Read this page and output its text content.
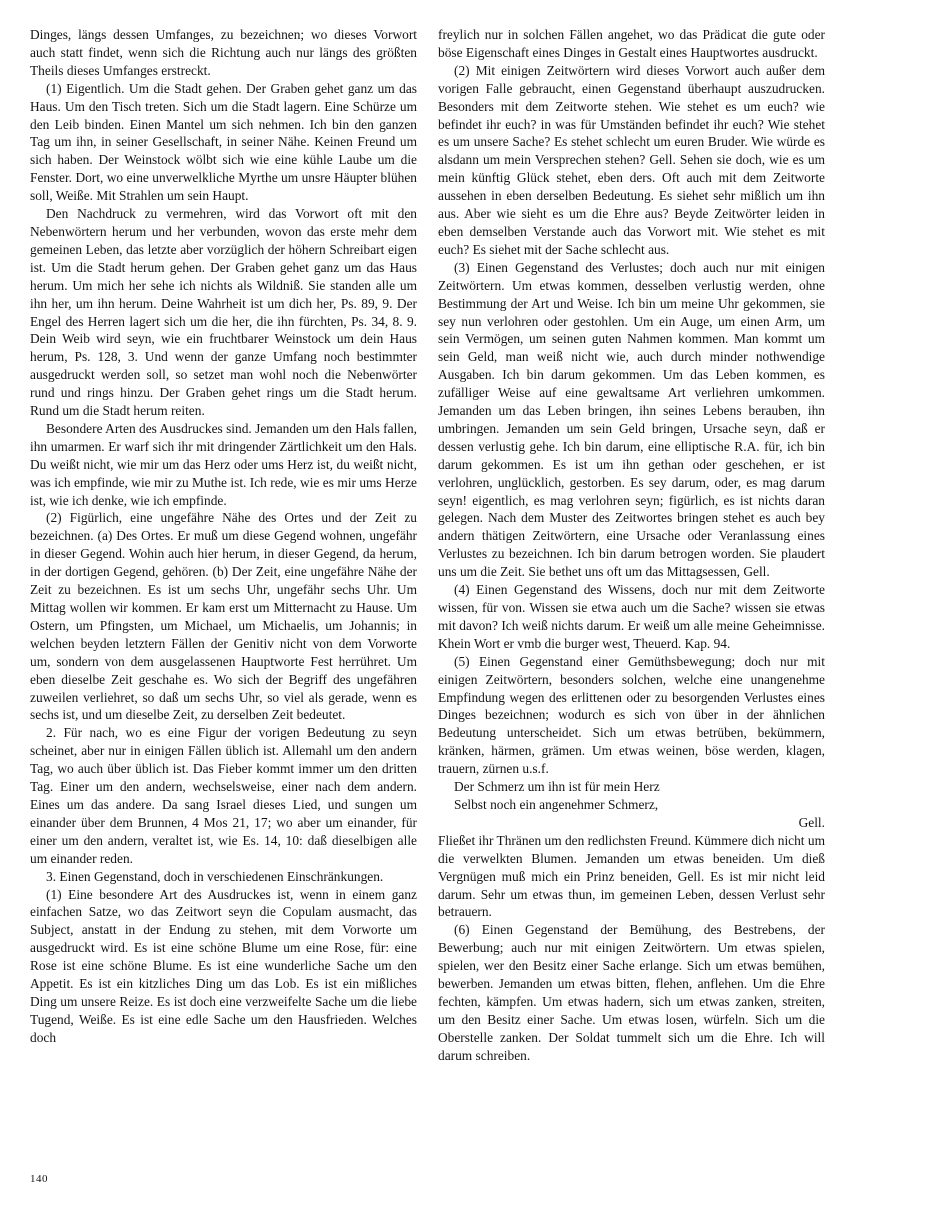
Dinges, längs dessen Umfanges, zu bezeichnen; wo dieses Vorwort auch statt findet, wenn sich die Richtung auch nur längs des größten Theils dieses Umfanges erstreckt.

(1) Eigentlich. Um die Stadt gehen. Der Graben gehet ganz um das Haus. Um den Tisch treten. Sich um die Stadt lagern. Eine Schürze um den Leib binden. Einen Mantel um sich nehmen. Ich bin den ganzen Tag um ihn, in seiner Gesellschaft, in seiner Nähe. Keinen Freund um sich haben. Der Weinstock wölbt sich wie eine kühle Laube um die Fenster. Dort, wo eine unverwelkliche Myrthe um unsre Häupter blühen soll, Weiße. Mit Strahlen um sein Haupt.

Den Nachdruck zu vermehren, wird das Vorwort oft mit den Nebenwörtern herum und her verbunden, wovon das erste mehr dem gemeinen Leben, das letzte aber vorzüglich der höhern Schreibart eigen ist. Um die Stadt herum gehen. Der Graben gehet ganz um das Haus herum. Um mich her sehe ich nichts als Wildniß. Sie standen alle um ihn her, um ihn herum. Deine Wahrheit ist um dich her, Ps. 89, 9. Der Engel des Herren lagert sich um die her, die ihn fürchten, Ps. 34, 8. 9. Dein Weib wird seyn, wie ein fruchtbarer Weinstock um dein Haus herum, Ps. 128, 3. Und wenn der ganze Umfang noch bestimmter ausgedruckt werden soll, so setzet man wohl noch die Nebenwörter rund und rings hinzu. Der Graben gehet rings um die Stadt herum. Rund um die Stadt herum reiten.

Besondere Arten des Ausdruckes sind. Jemanden um den Hals fallen, ihn umarmen. Er warf sich ihr mit dringender Zärtlichkeit um den Hals. Du weißt nicht, wie mir um das Herz oder ums Herz ist, du weißt nicht, was ich empfinde, wie mir zu Muthe ist. Ich rede, wie es mir ums Herze ist, wie ich denke, wie ich empfinde.

(2) Figürlich, eine ungefähre Nähe des Ortes und der Zeit zu bezeichnen. (a) Des Ortes. Er muß um diese Gegend wohnen, ungefähr in dieser Gegend. Wohin auch hier herum, in dieser Gegend, da herum, in der dortigen Gegend, gehören. (b) Der Zeit, eine ungefähre Nähe der Zeit zu bezeichnen. Es ist um sechs Uhr, ungefähr sechs Uhr. Um Mittag wollen wir kommen. Er kam erst um Mitternacht zu Hause. Um Ostern, um Pfingsten, um Michael, um Michaelis, um Johannis; in welchen beyden letztern Fällen der Genitiv nicht von dem Vorworte um, sondern von dem ausgelassenen Hauptworte Fest herrühret. Um eben dieselbe Zeit geschahe es. Wo sich der Begriff des ungefähren zuweilen verliehret, so daß um sechs Uhr, so viel als gerade, wenn es sechs ist, und um dieselbe Zeit, zu derselben Zeit bedeutet.

2. Für nach, wo es eine Figur der vorigen Bedeutung zu seyn scheinet, aber nur in einigen Fällen üblich ist. Allemahl um den andern Tag, wo auch über üblich ist. Das Fieber kommt immer um den dritten Tag. Einer um den andern, wechselsweise, einer nach dem andern. Eines um das andere. Da sang Israel dieses Lied, und sungen um einander über dem Brunnen, 4 Mos 21, 17; wo aber um einander, für einer um den andern, veraltet ist, wie Es. 14, 10: daß dieselbigen alle um einander reden.

3. Einen Gegenstand, doch in verschiedenen Einschränkungen.

(1) Eine besondere Art des Ausdruckes ist, wenn in einem ganz einfachen Satze, wo das Zeitwort seyn die Copulam ausmacht, das Subject, anstatt in der Endung zu stehen, mit dem Vorworte um ausgedruckt wird. Es ist eine schöne Blume um eine Rose, für: eine Rose ist eine schöne Blume. Es ist eine wunderliche Sache um den Appetit. Es ist ein kitzliches Ding um das Lob. Es ist ein mißliches Ding um unsere Reize. Es ist doch eine verzweifelte Sache um die liebe Tugend, Weiße. Es ist eine edle Sache um den Hausfrieden. Welches doch

freylich nur in solchen Fällen angehet, wo das Prädicat die gute oder böse Eigenschaft eines Dinges in Gestalt eines Hauptwortes ausdruckt.

(2) Mit einigen Zeitwörtern wird dieses Vorwort auch außer dem vorigen Falle gebraucht, einen Gegenstand überhaupt auszudrucken. Besonders mit dem Zeitworte stehen. Wie stehet es um euch? wie befindet ihr euch? in was für Umständen befindet ihr euch? Wie stehet es um unsere Sache? Es stehet schlecht um euren Bruder. Wie würde es alsdann um mein Versprechen stehen? Gell. Sehen sie doch, wie es um mein künftig Glück stehet, eben ders. Oft auch mit dem Zeitworte aussehen in eben derselben Bedeutung. Es siehet sehr mißlich um ihn aus. Aber wie sieht es um die Ehre aus? Beyde Zeitwörter leiden in eben demselben Verstande auch das Vorwort mit. Wie stehet es mit euch? Es siehet mit der Sache schlecht aus.

(3) Einen Gegenstand des Verlustes; doch auch nur mit einigen Zeitwörtern. Um etwas kommen, desselben verlustig werden, ohne Bestimmung der Art und Weise. Ich bin um meine Uhr gekommen, sie sey nun verlohren oder gestohlen. Um ein Auge, um einen Arm, um sein Vermögen, um seinen guten Nahmen kommen. Man kommt um sein Geld, man weiß nicht wie, auch durch minder nothwendige Ausgaben. Ich bin darum gekommen. Um das Leben kommen, es zufälliger Weise auf eine gewaltsame Art verliehren umkommen. Jemanden um das Leben bringen, ihn seines Lebens berauben, ihn umbringen. Jemanden um sein Geld bringen, Ursache seyn, daß er dessen verlustig gehe. Ich bin darum, eine elliptische R.A. für, ich bin darum gekommen. Es ist um ihn gethan oder geschehen, er ist verlohren, unglücklich, gestorben. Es sey darum, oder, es mag darum seyn! eigentlich, es mag verlohren seyn; figürlich, es ist nichts daran gelegen. Nach dem Muster des Zeitwortes bringen stehet es auch bey andern thätigen Zeitwörtern, eine Ursache oder Veranlassung eines Verlustes zu bezeichnen. Ich bin darum betrogen worden. Sie plaudert uns um die Zeit. Sie bethet uns oft um das Mittagsessen, Gell.

(4) Einen Gegenstand des Wissens, doch nur mit dem Zeitworte wissen, für von. Wissen sie etwa auch um die Sache? wissen sie etwas mit davon? Ich weiß nichts darum. Er weiß um alle meine Geheimnisse. Khein Wort er vmb die burger west, Theuerd. Kap. 94.

(5) Einen Gegenstand einer Gemüthsbewegung; doch nur mit einigen Zeitwörtern, besonders solchen, welche eine unangenehme Empfindung wegen des erlittenen oder zu besorgenden Verlustes eines Dinges bezeichnen; wodurch es sich von über in der ähnlichen Bedeutung unterscheidet. Sich um etwas betrüben, bekümmern, kränken, härmen, grämen. Um etwas weinen, böse werden, klagen, trauern, zürnen u.s.f.

Der Schmerz um ihn ist für mein Herz

Selbst noch ein angenehmer Schmerz,

Gell.

Fließet ihr Thränen um den redlichsten Freund. Kümmere dich nicht um die verwelkten Blumen. Jemanden um etwas beneiden. Um dieß Vergnügen muß mich ein Prinz beneiden, Gell. Es ist mir nicht leid darum. Sehr um etwas thun, im gemeinen Leben, dessen Verlust sehr betrauern.

(6) Einen Gegenstand der Bemühung, des Bestrebens, der Bewerbung; auch nur mit einigen Zeitwörtern. Um etwas spielen, spielen, wer den Besitz einer Sache erlange. Sich um etwas bemühen, bewerben. Jemanden um etwas bitten, flehen, anflehen. Um die Ehre fechten, kämpfen. Um etwas hadern, sich um etwas zanken, streiten, um den Besitz einer Sache. Um etwas losen, würfeln. Sich um die Oberstelle zanken. Der Soldat tummelt sich um die Ehre. Ich will darum schreiben.

140
